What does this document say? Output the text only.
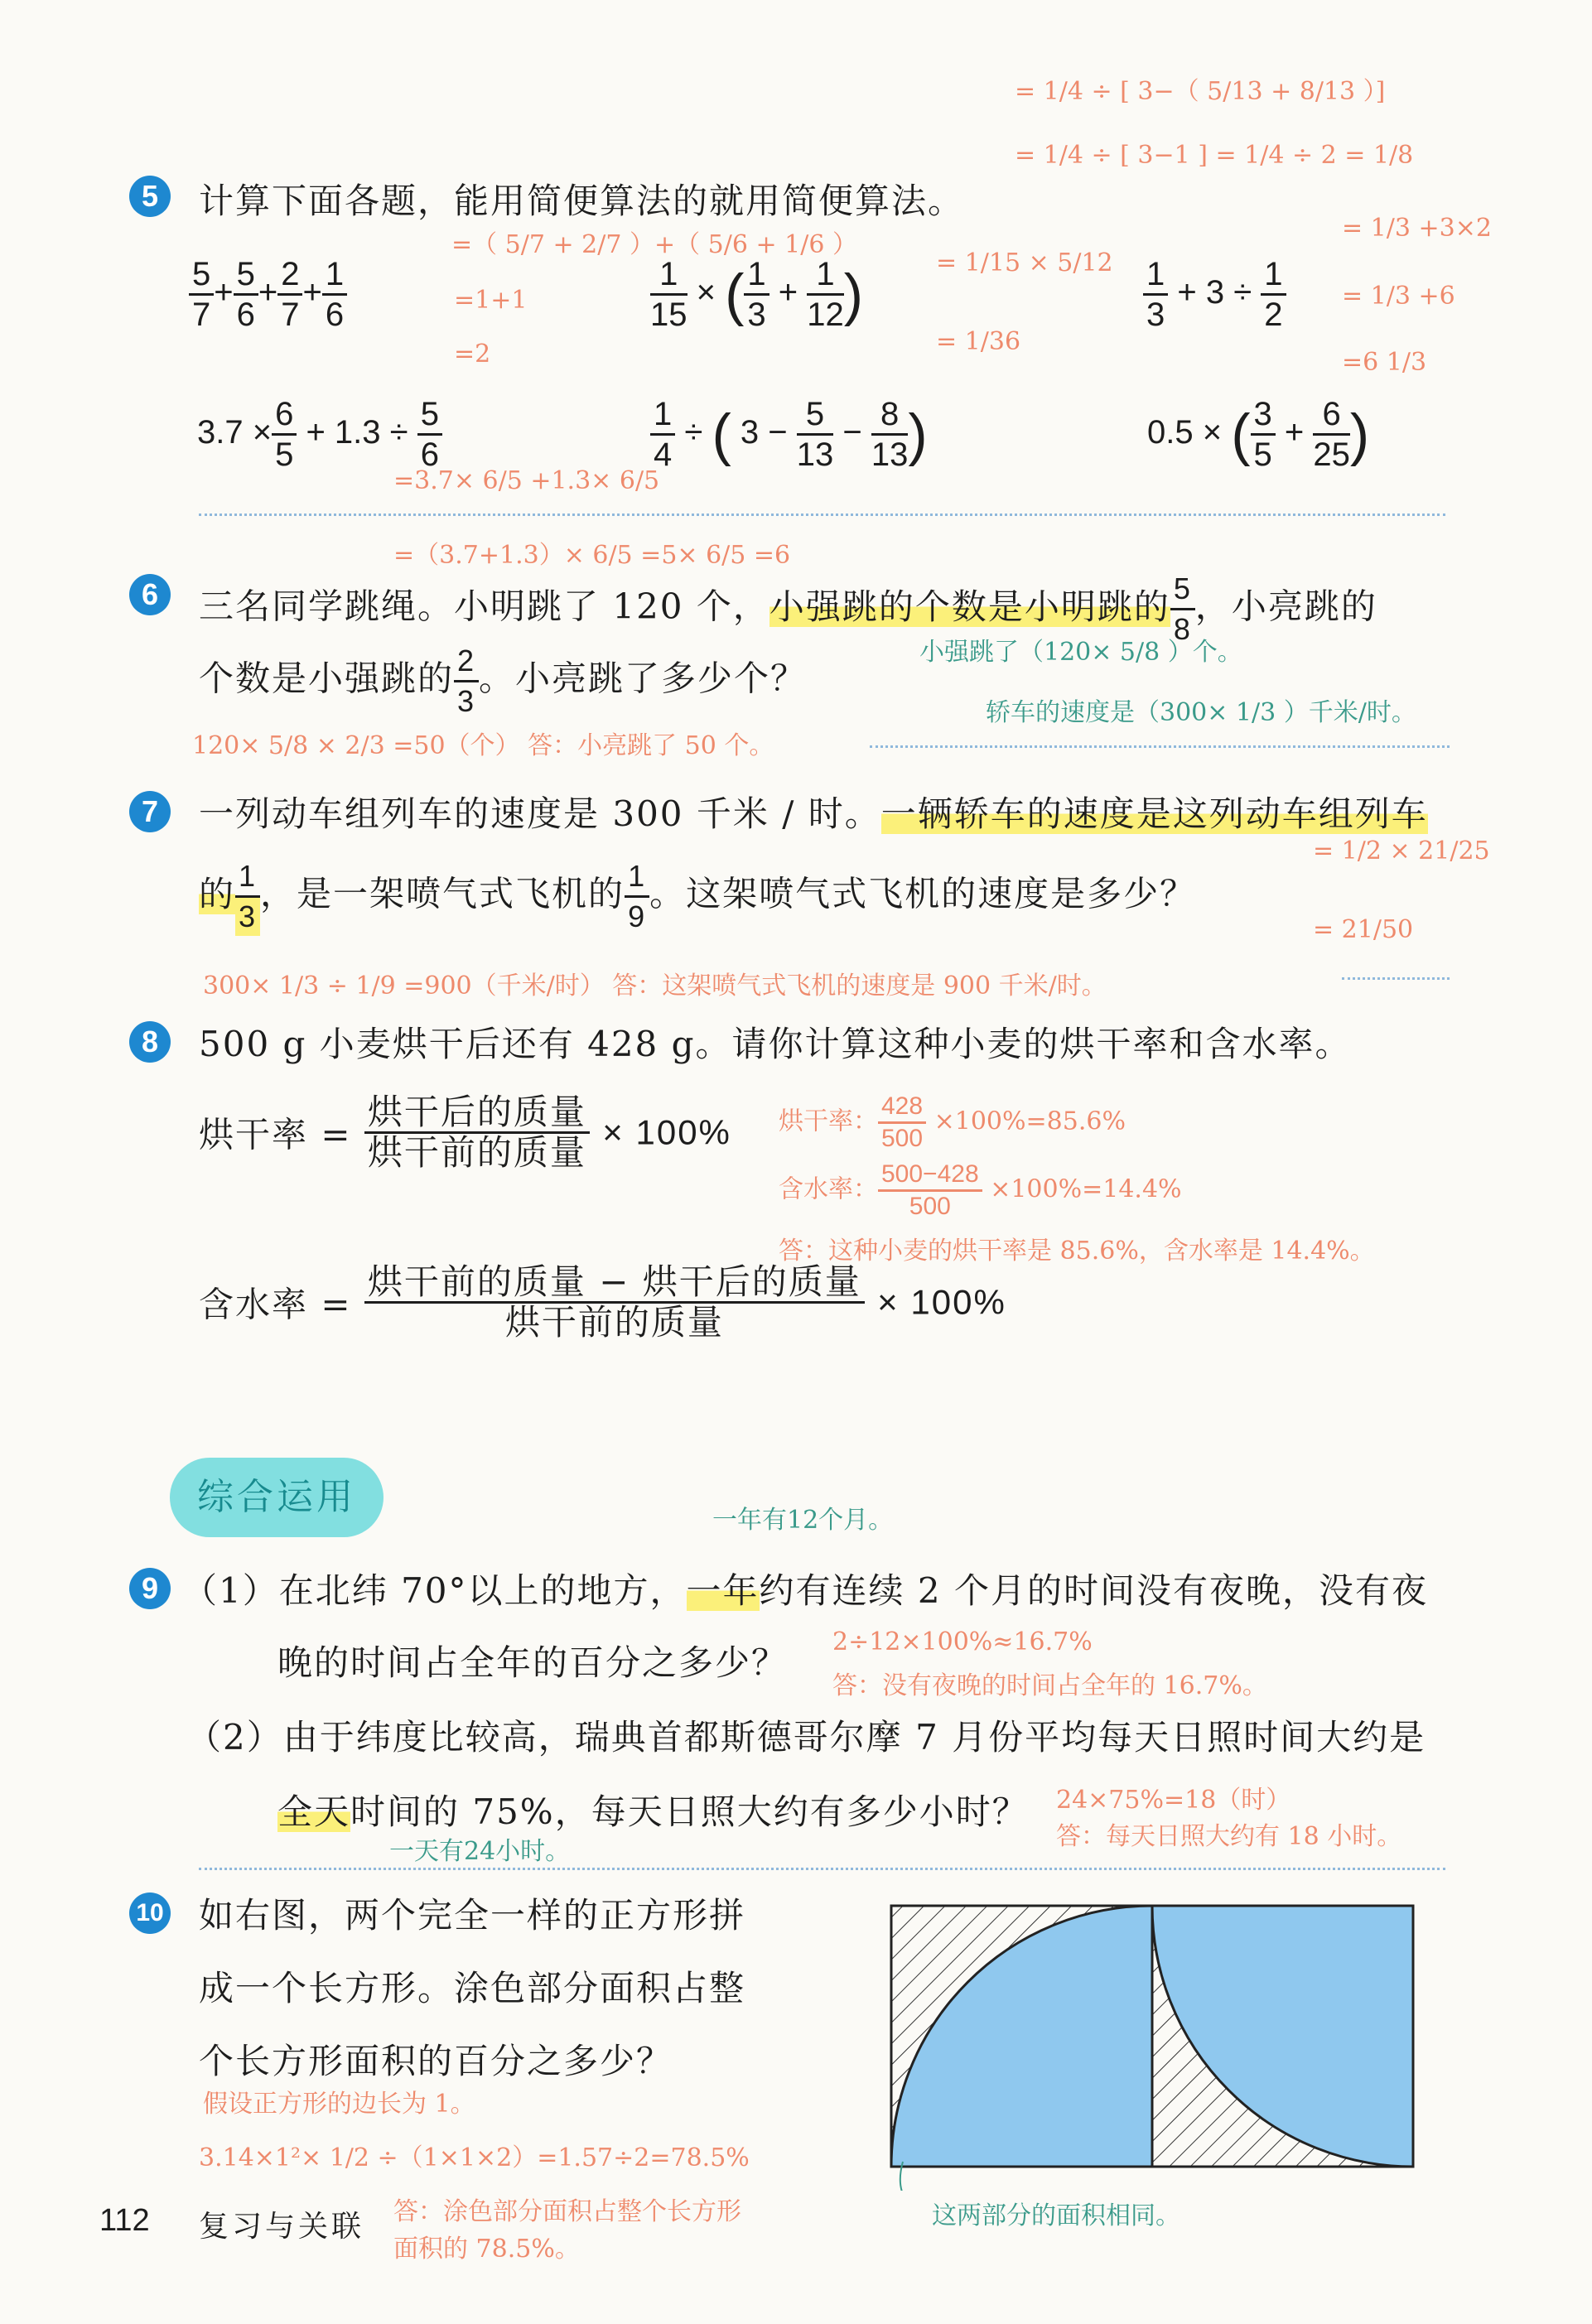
5	计算下面各题，能用简便算法的就用简便算法。
= 1/4 ÷ [ 3−（ 5/13 + 8/13 ）]
= 1/4 ÷ [ 3−1 ] = 1/4 ÷ 2 = 1/8
$\frac{5}{7} + \frac{5}{6} + \frac{2}{7} + \frac{1}{6}$
=（ 5/7 + 2/7 ）+（ 5/6 + 1/6 ）
=1+1
=2
$\frac{1}{15}$ × ( $\frac{1}{3} + \frac{1}{12}$ )	= 1/15 × 5/12
= 1/36
$\frac{1}{3} + 3 \div \frac{1}{2}$
= 1/3 +3×2
= 1/3 +6
=6 1/3
$3.7 \times \frac{6}{5} + 1.3 \div \frac{5}{6}$
=3.7× 6/5 +1.3× 6/5
$\frac{1}{4}$ ÷ ( $3 - \frac{5}{13} - \frac{8}{13}$ )	0.5 × ( $\frac{3}{5} + \frac{6}{25}$ )
=（3.7+1.3）× 6/5 =5× 6/5 =6
6	三名同学跳绳。小明跳了 120 个，小强跳的个数是小明跳的 $\frac{5}{8}$ ，小亮跳的
小强跳了（120× 5/8 ）个。
个数是小强跳的 $\frac{2}{3}$ 。小亮跳了多少个？
轿车的速度是（300× 1/3 ）千米/时。
120× 5/8 × 2/3 =50（个） 答：小亮跳了 50 个。
7	一列动车组列车的速度是 300 千米 / 时。一辆轿车的速度是这列动车组列车
的 $\frac{1}{3}$ ，是一架喷气式飞机的 $\frac{1}{9}$ 。这架喷气式飞机的速度是多少？
= 1/2 × 21/25
= 21/50
300× 1/3 ÷ 1/9 =900（千米/时） 答：这架喷气式飞机的速度是 900 千米/时。
8	500 g 小麦烘干后还有 428 g。请你计算这种小麦的烘干率和含水率。
烘干率 = $\frac{\text{烘干后的质量}}{\text{烘干前的质量}} \times 100\%$ 烘干率： $\frac{428}{500} \times 100\%=85.6\%$
含水率： $\frac{500-428}{500} \times 100\%=14.4\%$
答：这种小麦的烘干率是 85.6%，含水率是 14.4%。
含水率 = $\frac{\text{烘干前的质量 − 烘干后的质量}}{\text{烘干前的质量}} \times 100\%$
综合运用
一年有12个月。
9 （1）在北纬 70°以上的地方，一年约有连续 2 个月的时间没有夜晚，没有夜
晚的时间占全年的百分之多少？
2÷12×100%≈16.7%
答：没有夜晚的时间占全年的 16.7%。
（2）由于纬度比较高，瑞典首都斯德哥尔摩 7 月份平均每天日照时间大约是
全天时间的 75%，每天日照大约有多少小时？
一天有24小时。
24×75%=18（时）
答：每天日照大约有 18 小时。
10 如右图，两个完全一样的正方形拼
成一个长方形。涂色部分面积占整
个长方形面积的百分之多少？
假设正方形的边长为 1。
3.14×1²× 1/2 ÷（1×1×2）=1.57÷2=78.5%
答：涂色部分面积占整个长方形
面积的 78.5%。
这两部分的面积相同。
112 复习与关联
